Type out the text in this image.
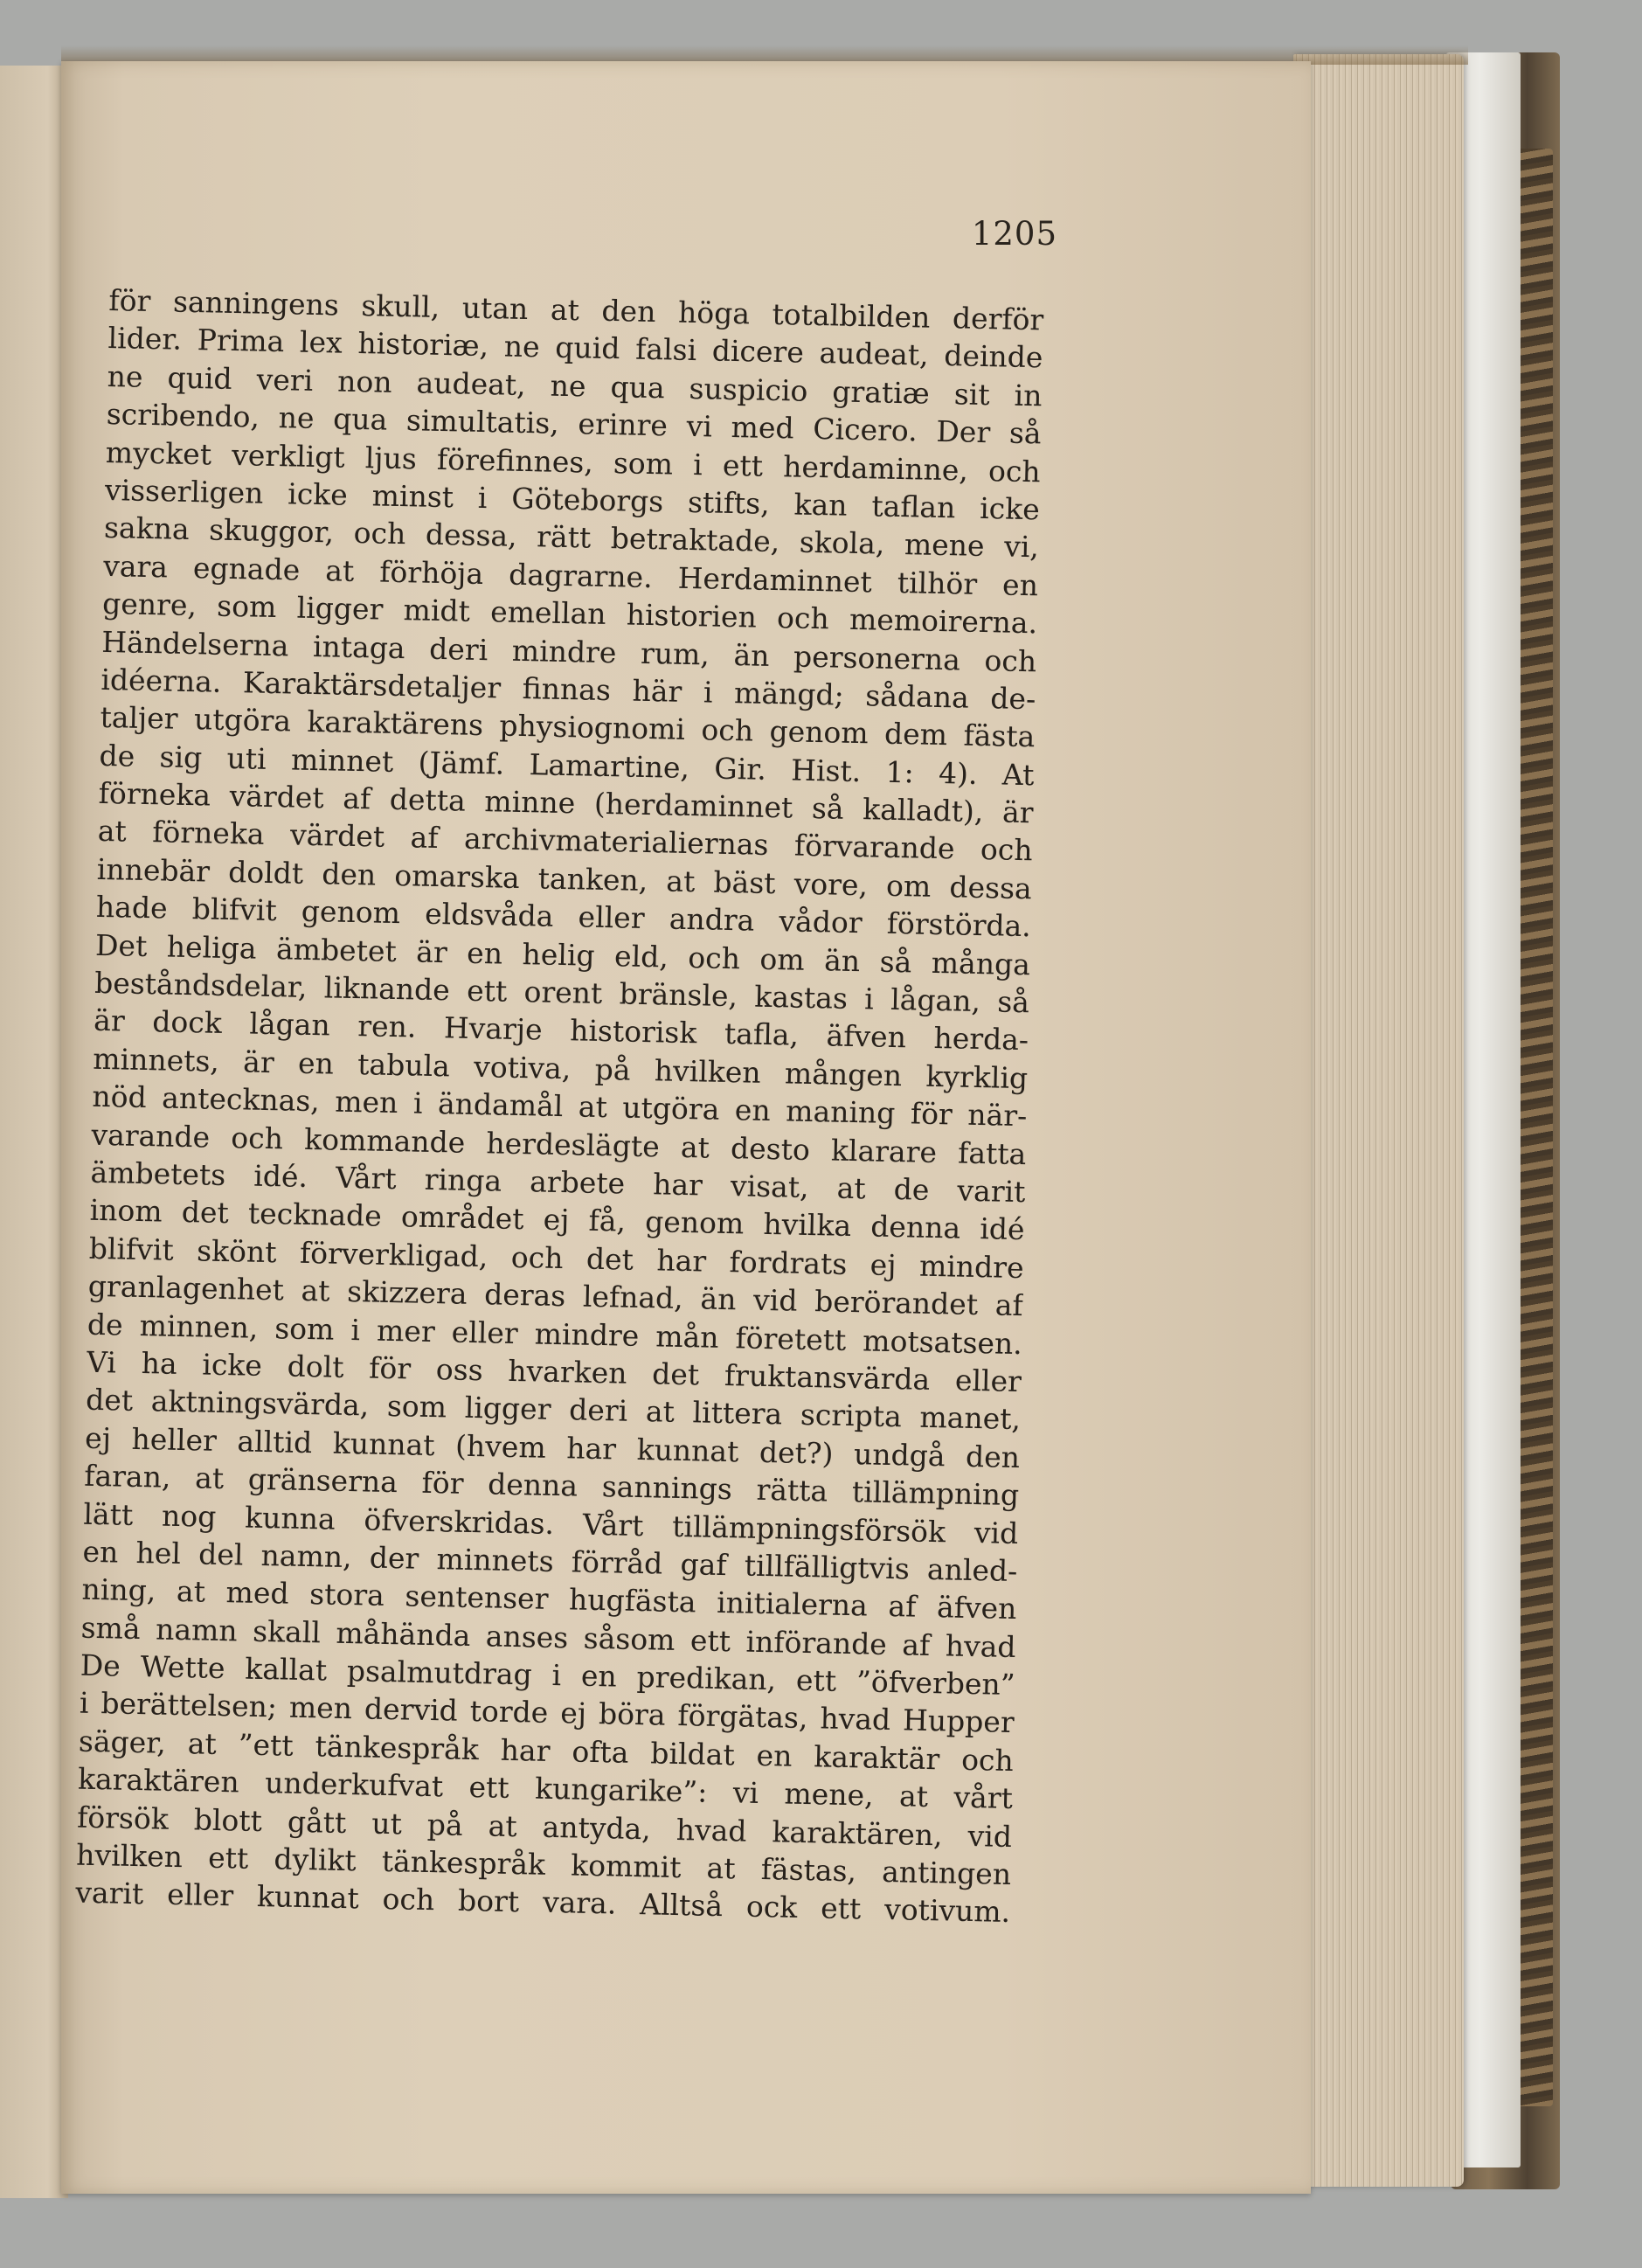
1205
för sanningens skull, utan at den höga totalbilden derför
lider. Prima lex historiæ, ne quid falsi dicere audeat, deinde
ne quid veri non audeat, ne qua suspicio gratiæ sit in
scribendo, ne qua simultatis, erinre vi med Cicero. Der så
mycket verkligt ljus förefinnes, som i ett herdaminne, och
visserligen icke minst i Göteborgs stifts, kan taflan icke
sakna skuggor, och dessa, rätt betraktade, skola, mene vi,
vara egnade at förhöja dagrarne. Herdaminnet tilhör en
genre, som ligger midt emellan historien och memoirerna.
Händelserna intaga deri mindre rum, än personerna och
idéerna. Karaktärsdetaljer finnas här i mängd; sådana de-
taljer utgöra karaktärens physiognomi och genom dem fästa
de sig uti minnet (Jämf. Lamartine, Gir. Hist. 1: 4). At
förneka värdet af detta minne (herdaminnet så kalladt), är
at förneka värdet af archivmaterialiernas förvarande och
innebär doldt den omarska tanken, at bäst vore, om dessa
hade blifvit genom eldsvåda eller andra vådor förstörda.
Det heliga ämbetet är en helig eld, och om än så många
beståndsdelar, liknande ett orent bränsle, kastas i lågan, så
är dock lågan ren. Hvarje historisk tafla, äfven herda-
minnets, är en tabula votiva, på hvilken mången kyrklig
nöd antecknas, men i ändamål at utgöra en maning för när-
varande och kommande herdeslägte at desto klarare fatta
ämbetets idé. Vårt ringa arbete har visat, at de varit
inom det tecknade området ej få, genom hvilka denna idé
blifvit skönt förverkligad, och det har fordrats ej mindre
granlagenhet at skizzera deras lefnad, än vid berörandet af
de minnen, som i mer eller mindre mån företett motsatsen.
Vi ha icke dolt för oss hvarken det fruktansvärda eller
det aktningsvärda, som ligger deri at littera scripta manet,
ej heller alltid kunnat (hvem har kunnat det?) undgå den
faran, at gränserna för denna sannings rätta tillämpning
lätt nog kunna öfverskridas. Vårt tillämpningsförsök vid
en hel del namn, der minnets förråd gaf tillfälligtvis anled-
ning, at med stora sentenser hugfästa initialerna af äfven
små namn skall måhända anses såsom ett införande af hvad
De Wette kallat psalmutdrag i en predikan, ett ”öfverben”
i berättelsen; men dervid torde ej böra förgätas, hvad Hupper
säger, at ”ett tänkespråk har ofta bildat en karaktär och
karaktären underkufvat ett kungarike”: vi mene, at vårt
försök blott gått ut på at antyda, hvad karaktären, vid
hvilken ett dylikt tänkespråk kommit at fästas, antingen
varit eller kunnat och bort vara. Alltså ock ett votivum.
